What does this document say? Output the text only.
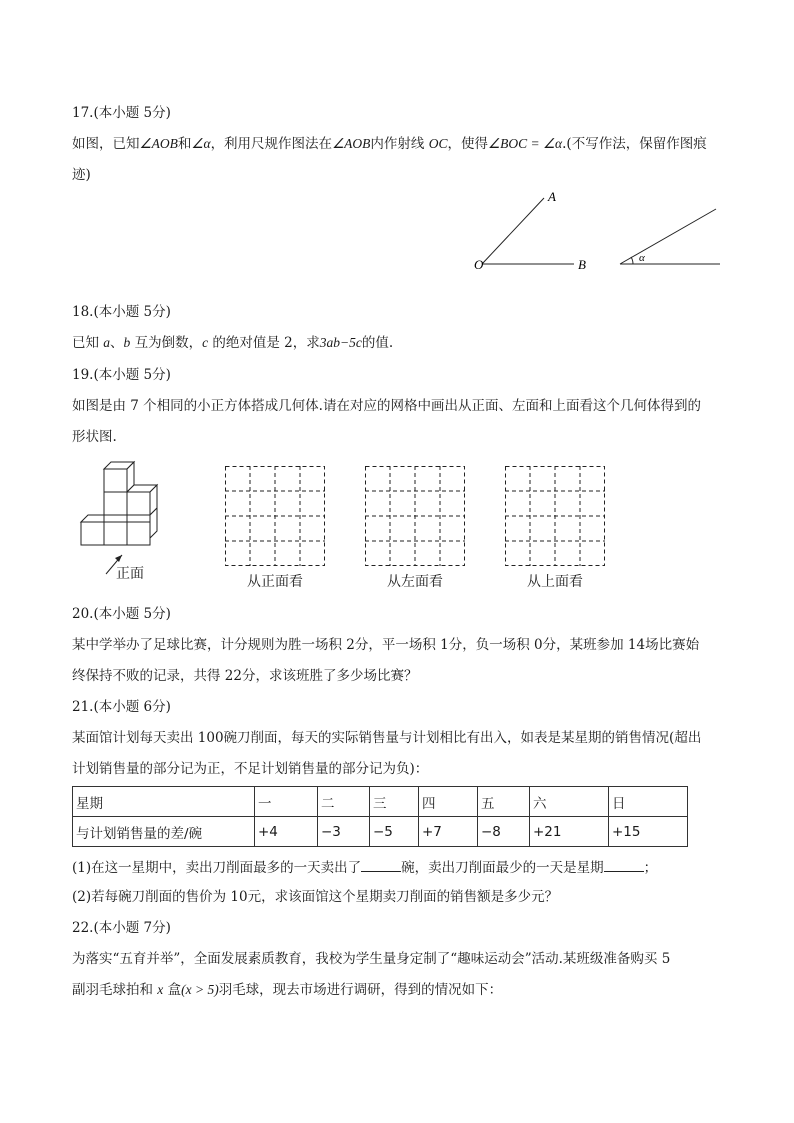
17.(本小题 5分)
如图，已知∠AOB和∠α，利用尺规作图法在∠AOB内作射线 OC，使得∠BOC = ∠α.(不写作法，保留作图痕
迹)
A
O	B	α
18.(本小题 5分)
已知 a、b 互为倒数，c 的绝对值是 2，求3ab−5c的值.
19.(本小题 5分)
如图是由 7 个相同的小正方体搭成几何体.请在对应的网格中画出从正面、左面和上面看这个几何体得到的
形状图.
正面	从正面看	从左面看	从上面看
20.(本小题 5分)
某中学举办了足球比赛，计分规则为胜一场积 2分，平一场积 1分，负一场积 0分，某班参加 14场比赛始
终保持不败的记录，共得 22分，求该班胜了多少场比赛？
21.(本小题 6分)
某面馆计划每天卖出 100碗刀削面，每天的实际销售量与计划相比有出入，如表是某星期的销售情况(超出
计划销售量的部分记为正，不足计划销售量的部分记为负)：
星期	一	二	三	四	五	六	日
与计划销售量的差/碗	+4	−3	−5	+7	−8	+21	+15
(1)在这一星期中，卖出刀削面最多的一天卖出了	碗，卖出刀削面最少的一天是星期	；
(2)若每碗刀削面的售价为 10元，求该面馆这个星期卖刀削面的销售额是多少元？
22.(本小题 7分)
为落实“五育并举”，全面发展素质教育，我校为学生量身定制了“趣味运动会”活动.某班级准备购买 5
副羽毛球拍和 x 盒(x > 5)羽毛球，现去市场进行调研，得到的情况如下：
